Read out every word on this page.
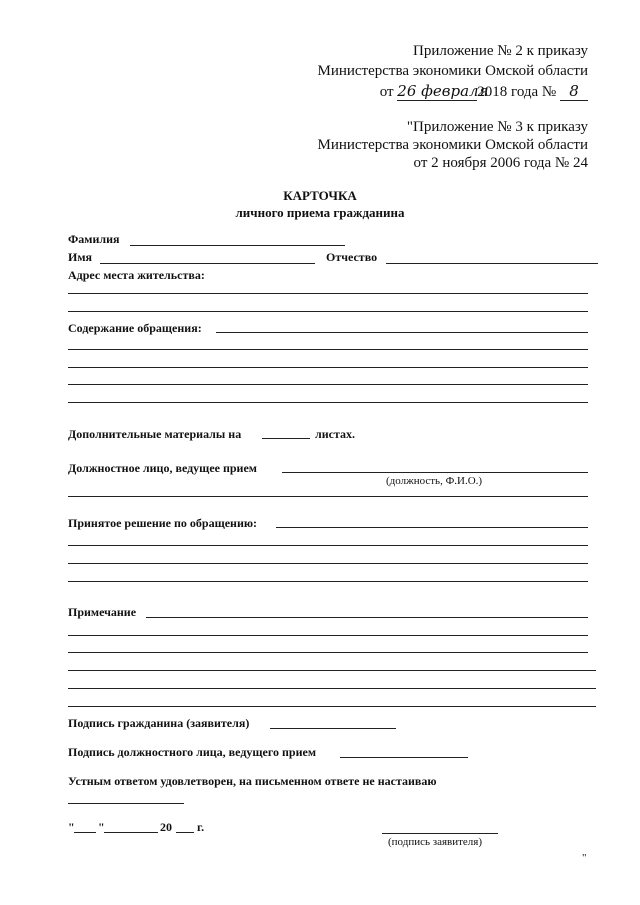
Приложение № 2 к приказу
Министерства экономики Омской области
от 26 февраля2018 года № 8
"Приложение № 3 к приказу
Министерства экономики Омской области
от 2 ноября 2006 года № 24
КАРТОЧКА
личного приема гражданина
Фамилия
Имя	Отчество
Адрес места жительства:
Содержание обращения:
Дополнительные материалы на	листах.
Должностное лицо, ведущее прием
(должность, Ф.И.О.)
Принятое решение по обращению:
Примечание
Подпись гражданина (заявителя)
Подпись должностного лица, ведущего прием
Устным ответом удовлетворен, на письменном ответе не настаиваю
" "	20 г.
(подпись заявителя)
"
